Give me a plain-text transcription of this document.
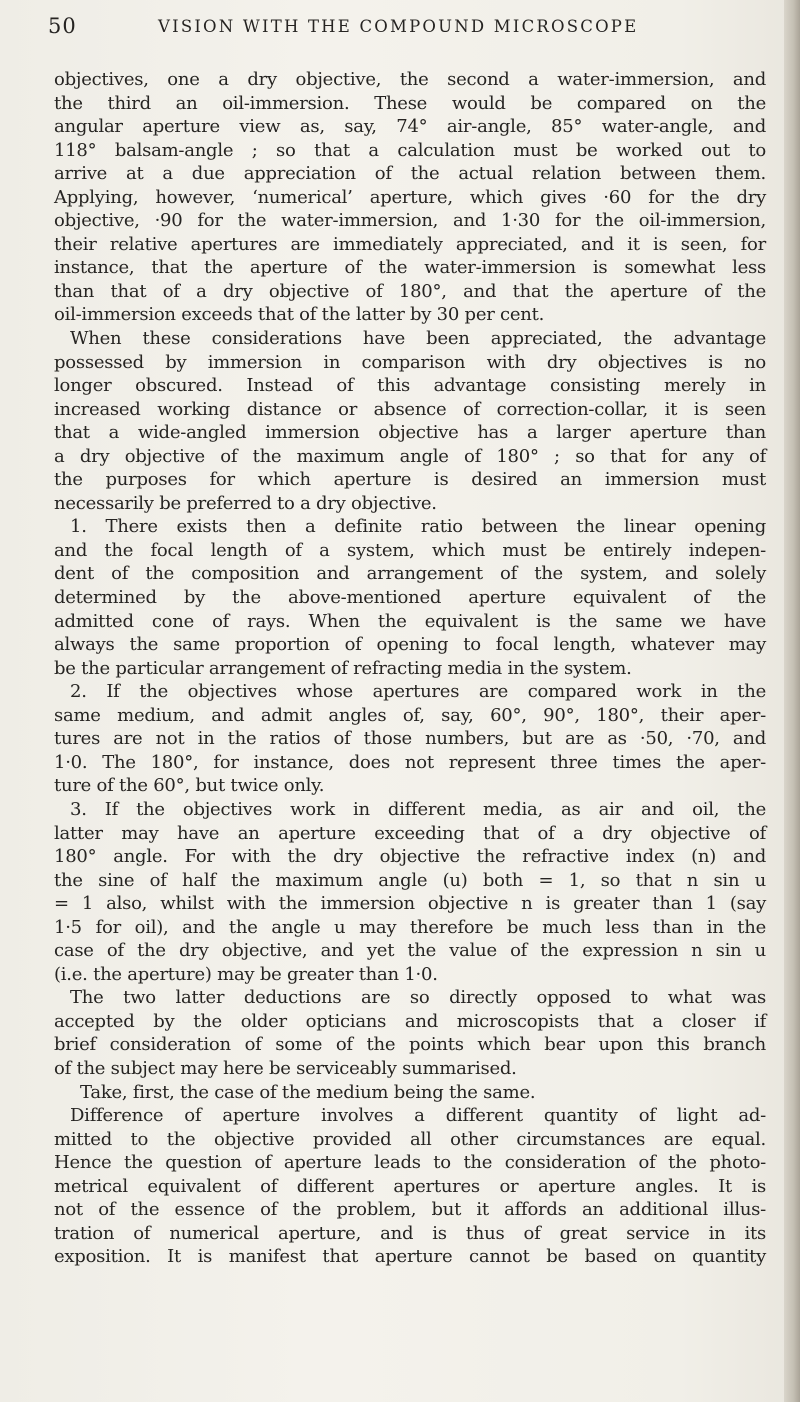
50	VISION WITH THE COMPOUND MICROSCOPE
objectives, one a dry objective, the second a water-immersion, and
the third an oil-immersion. These would be compared on the
angular aperture view as, say, 74° air-angle, 85° water-angle, and
118° balsam-angle ; so that a calculation must be worked out to
arrive at a due appreciation of the actual relation between them.
Applying, however, ‘numerical’ aperture, which gives ·60 for the dry
objective, ·90 for the water-immersion, and 1·30 for the oil-immersion,
their relative apertures are immediately appreciated, and it is seen, for
instance, that the aperture of the water-immersion is somewhat less
than that of a dry objective of 180°, and that the aperture of the
oil-immersion exceeds that of the latter by 30 per cent.
When these considerations have been appreciated, the advantage
possessed by immersion in comparison with dry objectives is no
longer obscured. Instead of this advantage consisting merely in
increased working distance or absence of correction-collar, it is seen
that a wide-angled immersion objective has a larger aperture than
a dry objective of the maximum angle of 180° ; so that for any of
the purposes for which aperture is desired an immersion must
necessarily be preferred to a dry objective.
1. There exists then a definite ratio between the linear opening
and the focal length of a system, which must be entirely indepen-
dent of the composition and arrangement of the system, and solely
determined by the above-mentioned aperture equivalent of the
admitted cone of rays. When the equivalent is the same we have
always the same proportion of opening to focal length, whatever may
be the particular arrangement of refracting media in the system.
2. If the objectives whose apertures are compared work in the
same medium, and admit angles of, say, 60°, 90°, 180°, their aper-
tures are not in the ratios of those numbers, but are as ·50, ·70, and
1·0. The 180°, for instance, does not represent three times the aper-
ture of the 60°, but twice only.
3. If the objectives work in different media, as air and oil, the
latter may have an aperture exceeding that of a dry objective of
180° angle. For with the dry objective the refractive index (n) and
the sine of half the maximum angle (u) both = 1, so that n sin u
= 1 also, whilst with the immersion objective n is greater than 1 (say
1·5 for oil), and the angle u may therefore be much less than in the
case of the dry objective, and yet the value of the expression n sin u
(i.e. the aperture) may be greater than 1·0.
The two latter deductions are so directly opposed to what was
accepted by the older opticians and microscopists that a closer if
brief consideration of some of the points which bear upon this branch
of the subject may here be serviceably summarised.
Take, first, the case of the medium being the same.
Difference of aperture involves a different quantity of light ad-
mitted to the objective provided all other circumstances are equal.
Hence the question of aperture leads to the consideration of the photo-
metrical equivalent of different apertures or aperture angles. It is
not of the essence of the problem, but it affords an additional illus-
tration of numerical aperture, and is thus of great service in its
exposition. It is manifest that aperture cannot be based on quantity
